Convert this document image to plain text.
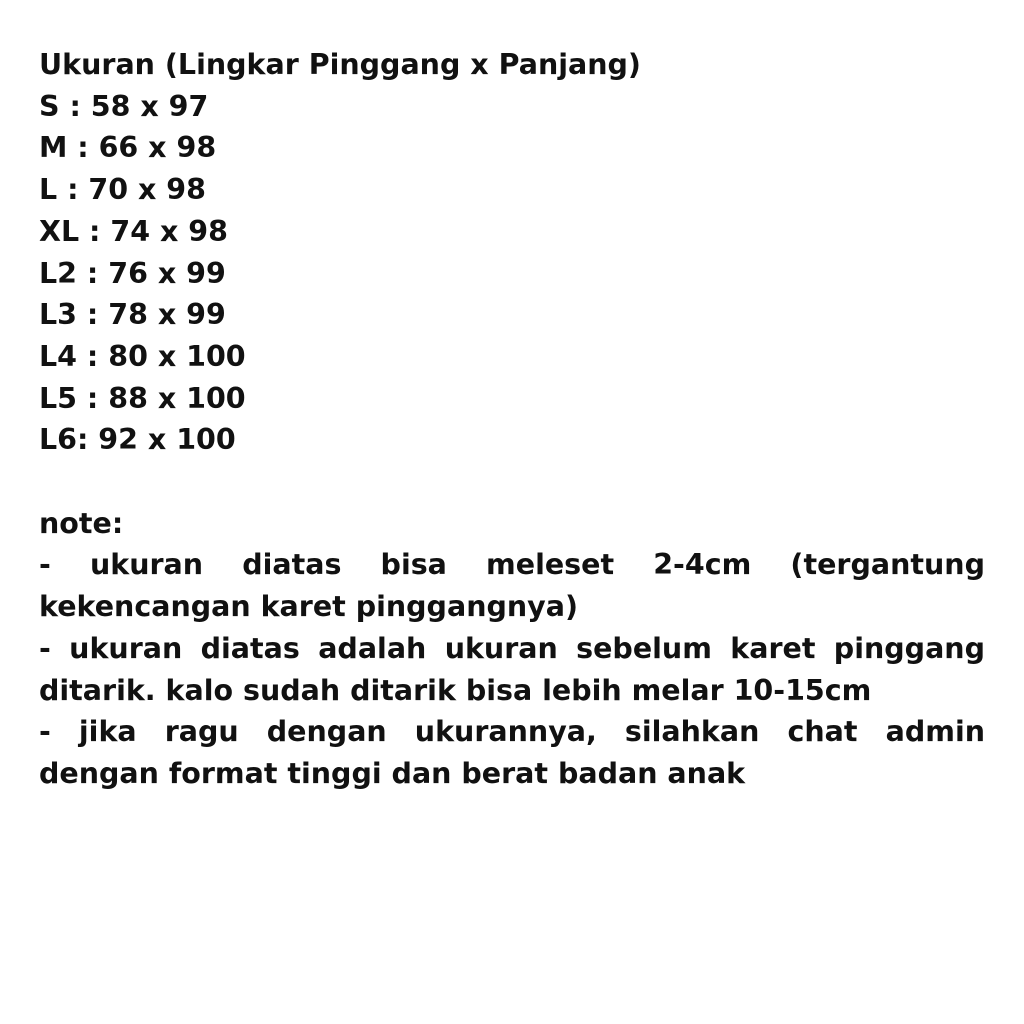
Ukuran (Lingkar Pinggang x Panjang)
S : 58 x 97
M : 66 x 98
L : 70 x 98
XL : 74 x 98
L2 : 76 x 99
L3 : 78 x 99
L4 : 80 x 100
L5 : 88 x 100
L6: 92 x 100
note:
- ukuran diatas bisa meleset 2-4cm (tergantung kekencangan karet pinggangnya)
- ukuran diatas adalah ukuran sebelum karet pinggang ditarik. kalo sudah ditarik bisa lebih melar 10-15cm
- jika ragu dengan ukurannya, silahkan chat admin dengan format tinggi dan berat badan anak
